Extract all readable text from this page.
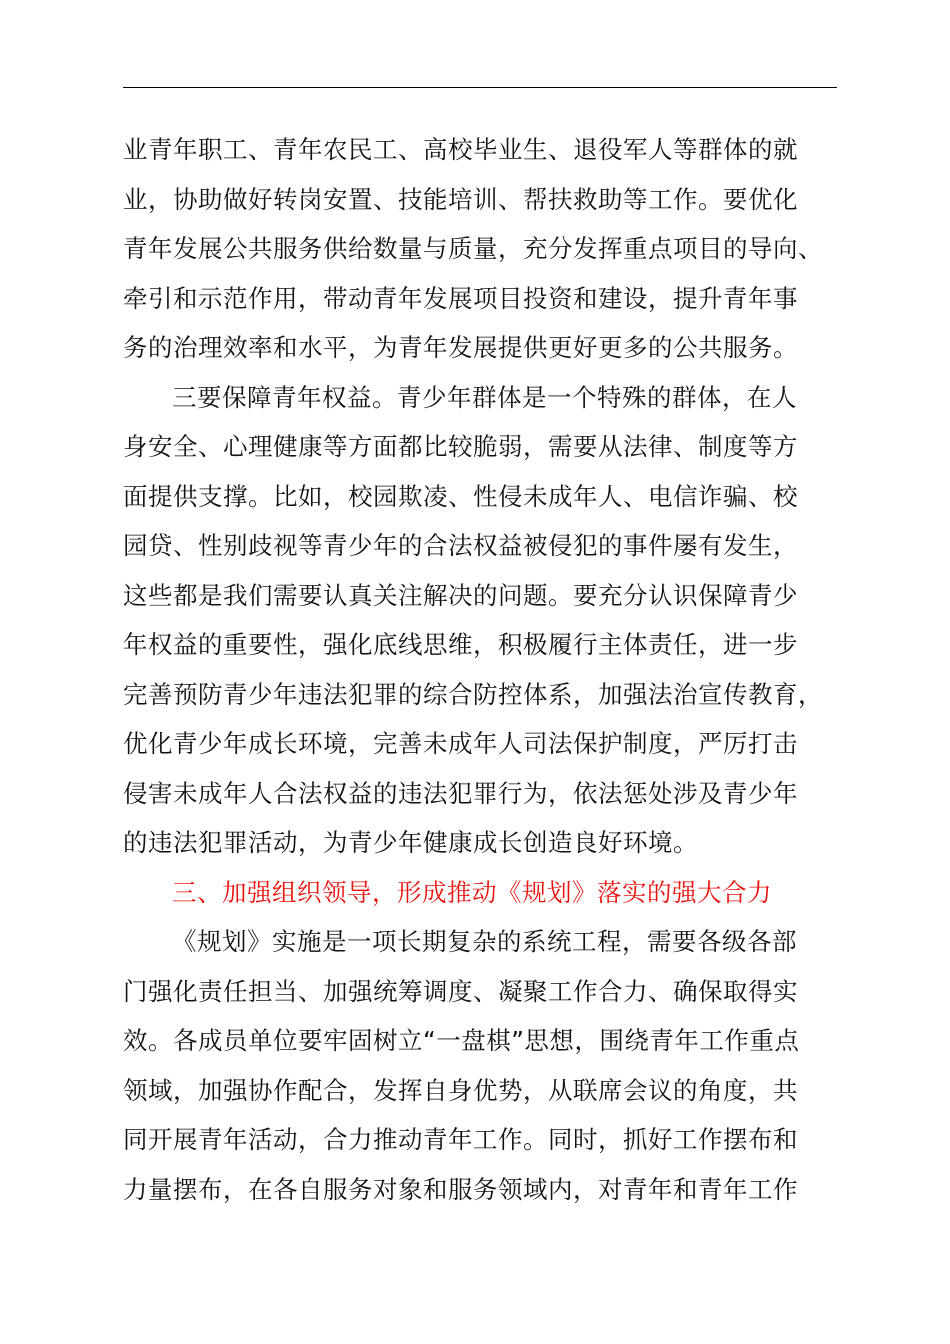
业青年职工、青年农民工、高校毕业生、退役军人等群体的就
业，协助做好转岗安置、技能培训、帮扶救助等工作。要优化
青年发展公共服务供给数量与质量，充分发挥重点项目的导向、
牵引和示范作用，带动青年发展项目投资和建设，提升青年事
务的治理效率和水平，为青年发展提供更好更多的公共服务。
三要保障青年权益。青少年群体是一个特殊的群体，在人
身安全、心理健康等方面都比较脆弱，需要从法律、制度等方
面提供支撑。比如，校园欺凌、性侵未成年人、电信诈骗、校
园贷、性别歧视等青少年的合法权益被侵犯的事件屡有发生，
这些都是我们需要认真关注解决的问题。要充分认识保障青少
年权益的重要性，强化底线思维，积极履行主体责任，进一步
完善预防青少年违法犯罪的综合防控体系，加强法治宣传教育，
优化青少年成长环境，完善未成年人司法保护制度，严厉打击
侵害未成年人合法权益的违法犯罪行为，依法惩处涉及青少年
的违法犯罪活动，为青少年健康成长创造良好环境。
三、加强组织领导，形成推动《规划》落实的强大合力
《规划》实施是一项长期复杂的系统工程，需要各级各部
门强化责任担当、加强统筹调度、凝聚工作合力、确保取得实
效。各成员单位要牢固树立“一盘棋”思想，围绕青年工作重点
领域，加强协作配合，发挥自身优势，从联席会议的角度，共
同开展青年活动，合力推动青年工作。同时，抓好工作摆布和
力量摆布，在各自服务对象和服务领域内，对青年和青年工作
